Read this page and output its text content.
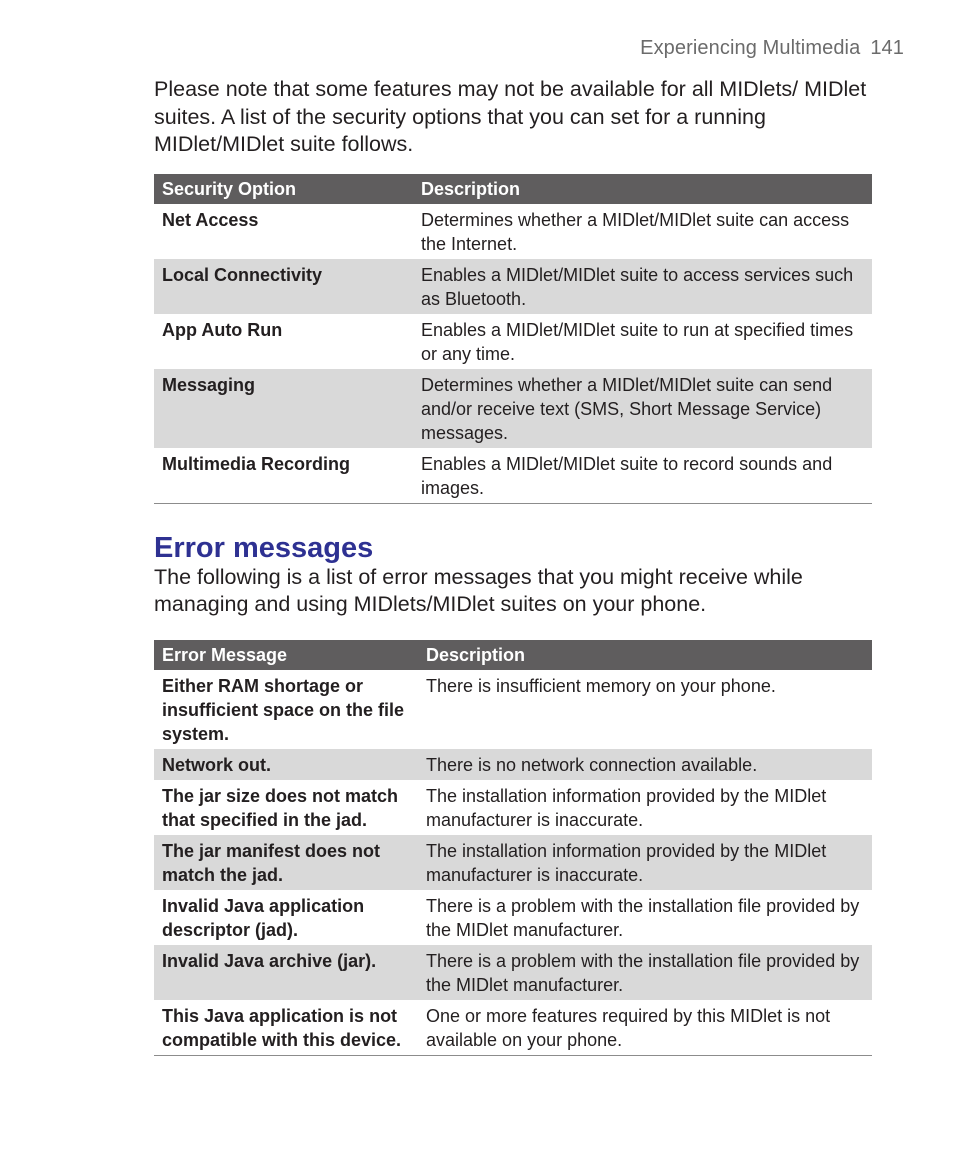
Experiencing Multimedia 141

Please note that some features may not be available for all MIDlets/ MIDlet suites. A list of the security options that you can set for a running MIDlet/MIDlet suite follows.

Security Option	Description
Net Access	Determines whether a MIDlet/MIDlet suite can access the Internet.
Local Connectivity	Enables a MIDlet/MIDlet suite to access services such as Bluetooth.
App Auto Run	Enables a MIDlet/MIDlet suite to run at specified times or any time.
Messaging	Determines whether a MIDlet/MIDlet suite can send and/or receive text (SMS, Short Message Service) messages.
Multimedia Recording	Enables a MIDlet/MIDlet suite to record sounds and images.
Error messages

The following is a list of error messages that you might receive while managing and using MIDlets/MIDlet suites on your phone.

Error Message	Description
Either RAM shortage or insufficient space on the file system.	There is insufficient memory on your phone.
Network out.	There is no network connection available.
The jar size does not match that specified in the jad.	The installation information provided by the MIDlet manufacturer is inaccurate.
The jar manifest does not match the jad.	The installation information provided by the MIDlet manufacturer is inaccurate.
Invalid Java application descriptor (jad).	There is a problem with the installation file provided by the MIDlet manufacturer.
Invalid Java archive (jar).	There is a problem with the installation file provided by the MIDlet manufacturer.
This Java application is not compatible with this device.	One or more features required by this MIDlet is not available on your phone.
